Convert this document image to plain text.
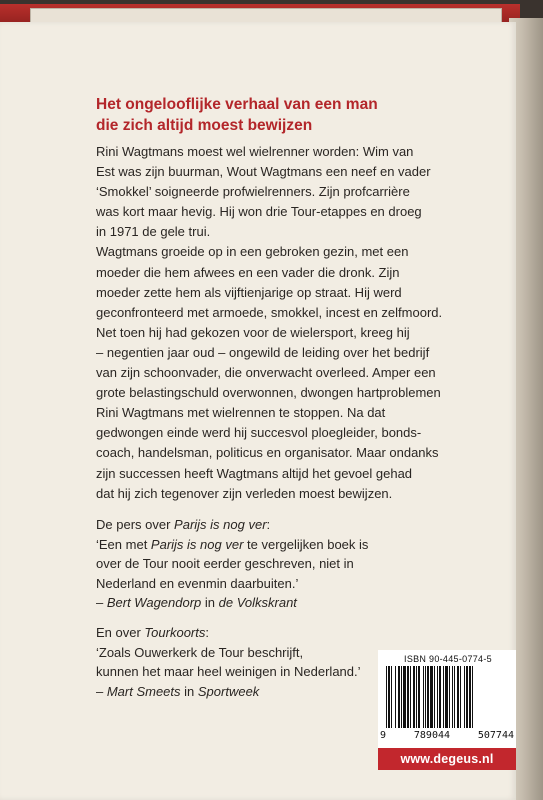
Het ongelooflijke verhaal van een man
die zich altijd moest bewijzen
Rini Wagtmans moest wel wielrenner worden: Wim van
Est was zijn buurman, Wout Wagtmans een neef en vader
‘Smokkel’ soigneerde profwielrenners. Zijn profcarrière
was kort maar hevig. Hij won drie Tour-etappes en droeg
in 1971 de gele trui.
Wagtmans groeide op in een gebroken gezin, met een
moeder die hem afwees en een vader die dronk. Zijn
moeder zette hem als vijftienjarige op straat. Hij werd
geconfronteerd met armoede, smokkel, incest en zelfmoord.
Net toen hij had gekozen voor de wielersport, kreeg hij
– negentien jaar oud – ongewild de leiding over het bedrijf
van zijn schoonvader, die onverwacht overleed. Amper een
grote belastingschuld overwonnen, dwongen hartproblemen
Rini Wagtmans met wielrennen te stoppen. Na dat
gedwongen einde werd hij succesvol ploegleider, bonds-
coach, handelsman, politicus en organisator. Maar ondanks
zijn successen heeft Wagtmans altijd het gevoel gehad
dat hij zich tegenover zijn verleden moest bewijzen.
De pers over Parijs is nog ver:
‘Een met Parijs is nog ver te vergelijken boek is
over de Tour nooit eerder geschreven, niet in
Nederland en evenmin daarbuiten.’
– Bert Wagendorp in de Volkskrant
En over Tourkoorts:
‘Zoals Ouwerkerk de Tour beschrijft,
kunnen het maar heel weinigen in Nederland.’
– Mart Smeets in Sportweek
ISBN 90-445-0774-5
9	789044	507744
www.degeus.nl
